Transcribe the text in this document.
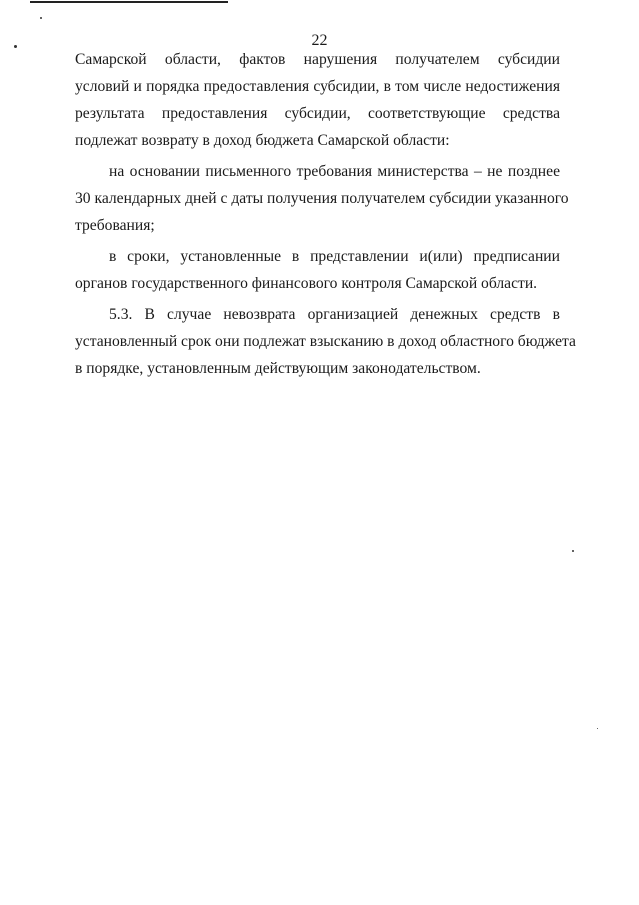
22

Самарской области, фактов нарушения получателем субсидии
условий и порядка предоставления субсидии, в том числе недостижения
результата предоставления субсидии, соответствующие средства
подлежат возврату в доход бюджета Самарской области:

на основании письменного требования министерства – не позднее
30 календарных дней с даты получения получателем субсидии указанного
требования;

в сроки, установленные в представлении и(или) предписании
органов государственного финансового контроля Самарской области.

5.3. В случае невозврата организацией денежных средств в
установленный срок они подлежат взысканию в доход областного бюджета
в порядке, установленным действующим законодательством.
